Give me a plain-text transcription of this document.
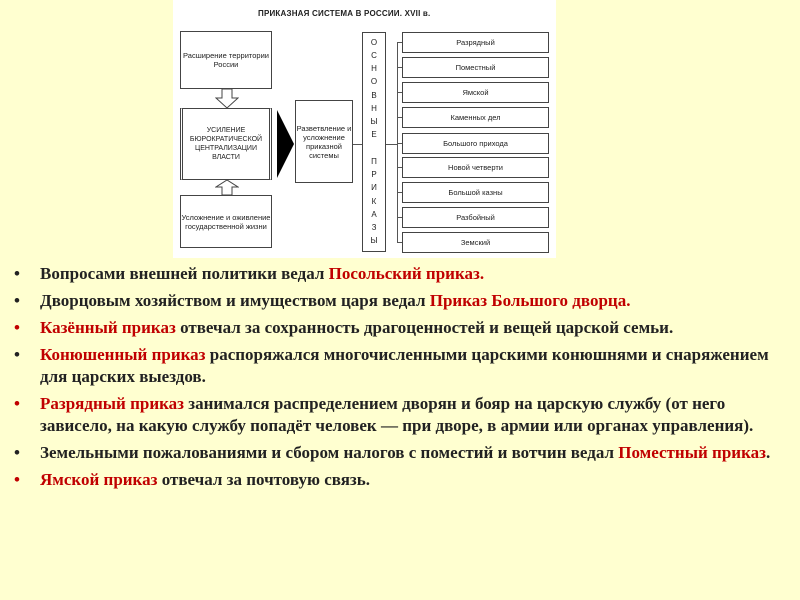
ПРИКАЗНАЯ СИСТЕМА В РОССИИ. XVII в.
Расширение территории России
УСИЛЕНИЕ БЮРОКРАТИЧЕСКОЙ ЦЕНТРАЛИЗАЦИИ ВЛАСТИ
Усложнение и оживление государственной жизни
Разветвление и усложнение приказной системы
О
С
Н
О
В
Н
Ы
Е

П
Р
И
К
А
З
Ы
Разрядный
Поместный
Ямской
Каменных дел
Большого прихода
Новой четверти
Большой казны
Разбойный
Земский
• Вопросами внешней политики ведал Посольский приказ.
• Дворцовым хозяйством и имуществом царя ведал Приказ Большого дворца.
• Казённый приказ отвечал за сохранность драгоценностей и вещей царской семьи.
• Конюшенный приказ распоряжался многочисленными царскими конюшнями и снаряжением для царских выездов.
• Разрядный приказ занимался распределением дворян и бояр на царскую службу (от него зависело, на какую службу попадёт человек — при дворе, в армии или органах управления).
• Земельными пожалованиями и сбором налогов с поместий и вотчин ведал Поместный приказ.
• Ямской приказ отвечал за почтовую связь.
